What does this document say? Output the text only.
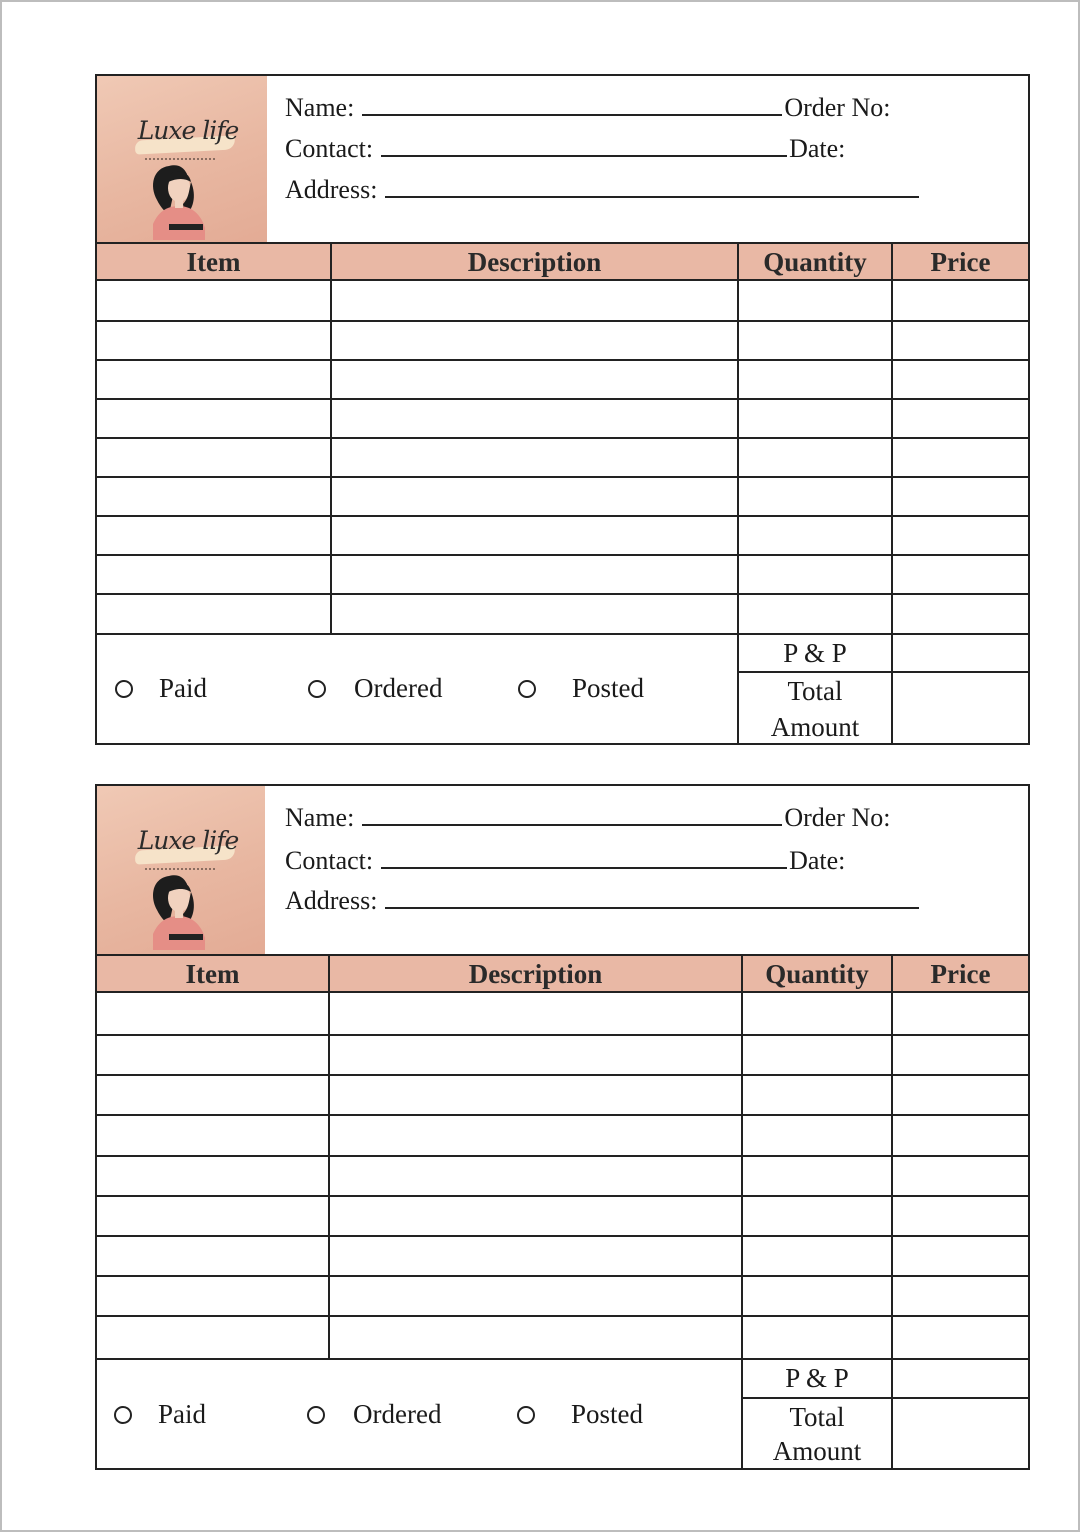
Luxe life
Name:	Order No:
Contact:	Date:
Address:
Item	Description	Quantity	Price
Paid	Ordered	Posted
P & P
Total
Amount
Luxe life
Name:	Order No:
Contact:	Date:
Address:
Item	Description	Quantity	Price
Paid	Ordered	Posted
P & P
Total
Amount
